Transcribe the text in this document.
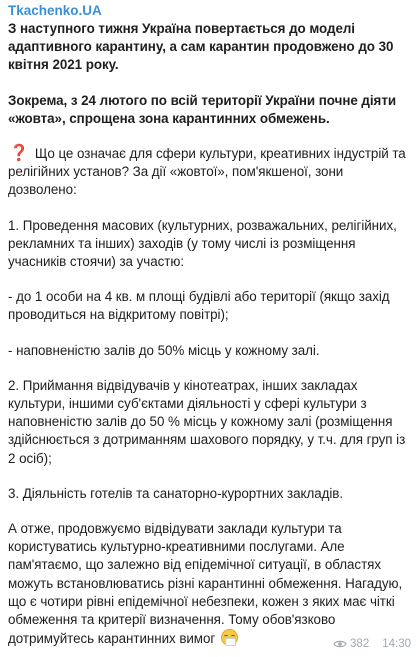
Tkachenko.UA

З наступного тижня Україна повертається до моделі адаптивного карантину, а сам карантин продовжено до 30 квітня 2021 року.

Зокрема, з 24 лютого по всій території України почне діяти «жовта», спрощена зона карантинних обмежень.

❓ Що це означає для сфери культури, креативних індустрій та релігійних установ? За дії «жовтої», пом'якшеної, зони дозволено:

1. Проведення масових (культурних, розважальних, релігійних, рекламних та інших) заходів (у тому числі із розміщення учасників стоячи) за участю:

- до 1 особи на 4 кв. м площі будівлі або території (якщо захід проводиться на відкритому повітрі);

- наповненістю залів до 50% місць у кожному залі.

2. Приймання відвідувачів у кінотеатрах, інших закладах культури, іншими суб'єктами діяльності у сфері культури з наповненістю залів до 50 % місць у кожному залі (розміщення здійснюється з дотриманням шахового порядку, у т.ч. для груп із 2 осіб);

3. Діяльність готелів та санаторно-курортних закладів.

А отже, продовжуємо відвідувати заклади культури та користуватись культурно-креативними послугами. Але пам'ятаємо, що залежно від епідемічної ситуації, в областях можуть встановлюватись різні карантинні обмеження. Нагадую, що є чотири рівні епідемічної небезпеки, кожен з яких має чіткі обмеження та критерії визначення. Тому обов'язково дотримуйтесь карантинних вимог	382 14:30
